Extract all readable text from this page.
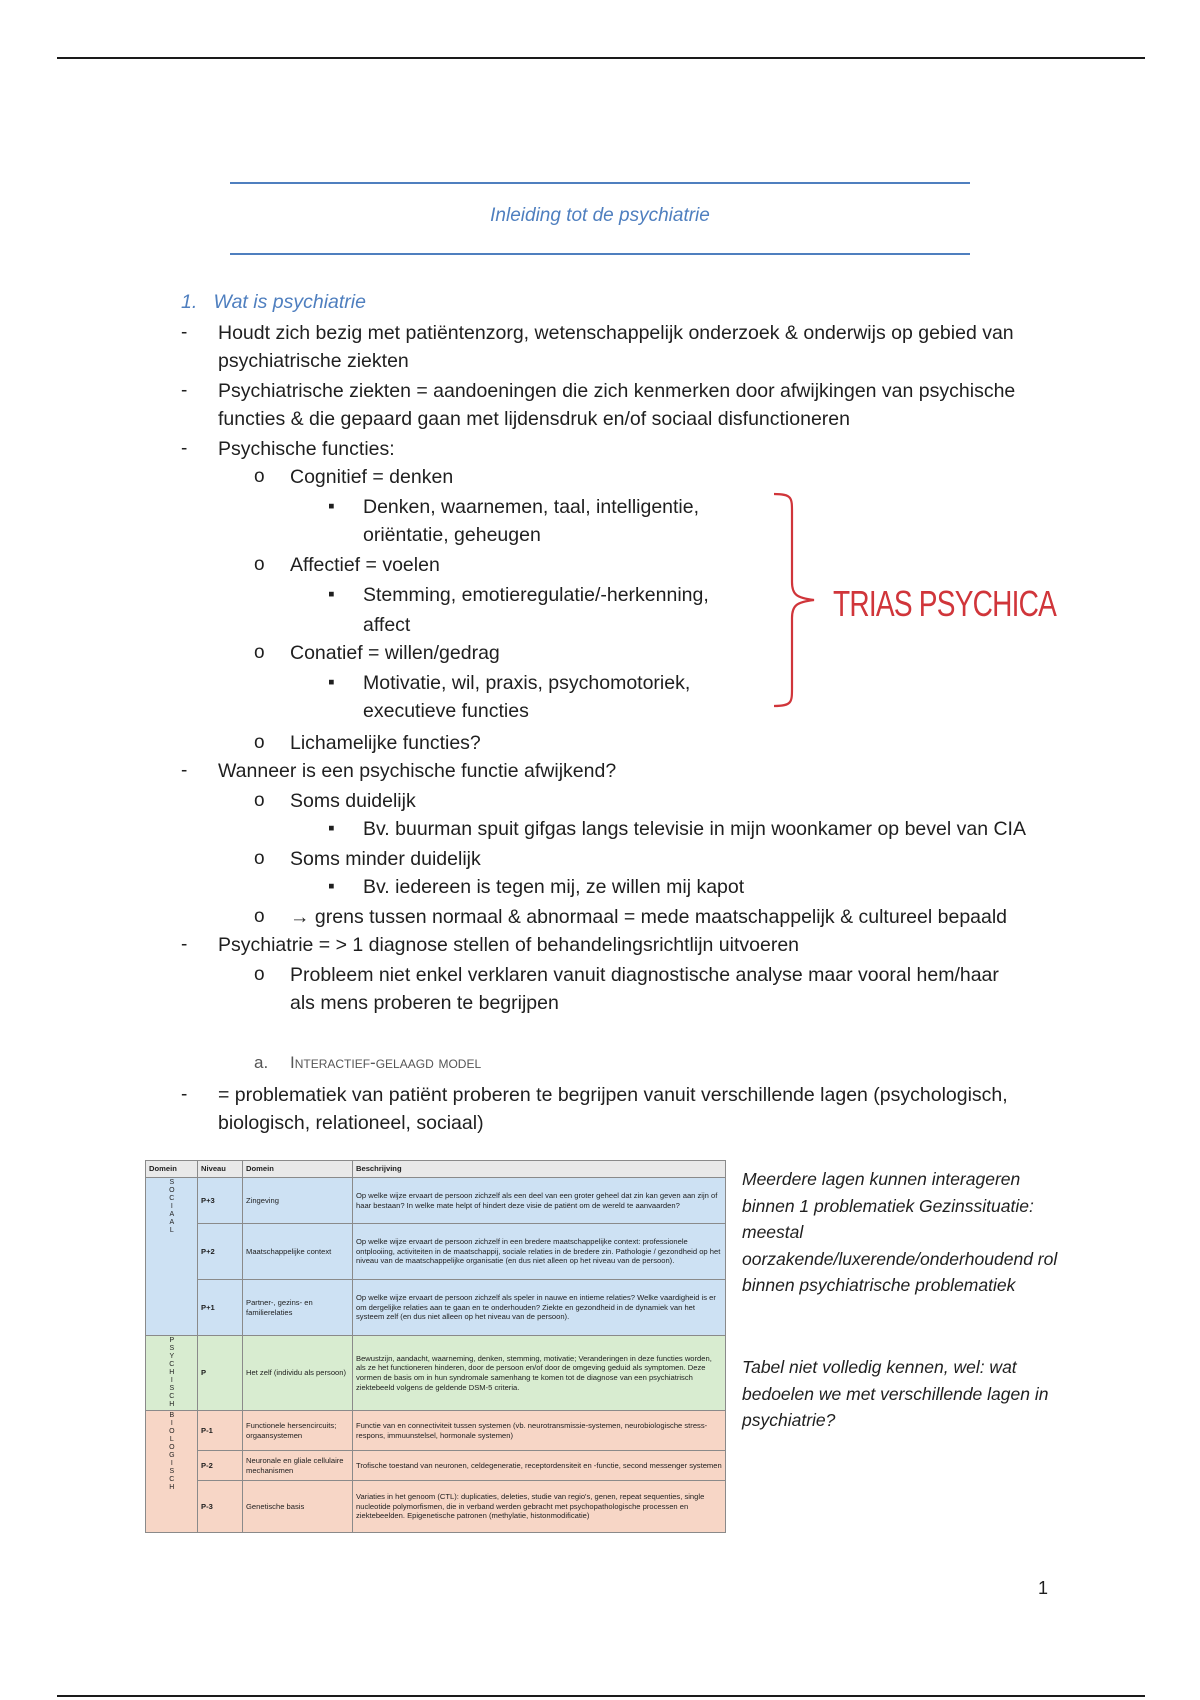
Inleiding tot de psychiatrie
1.   Wat is psychiatrie
- Houdt zich bezig met patiëntenzorg, wetenschappelijk onderzoek & onderwijs op gebied van
psychiatrische ziekten
- Psychiatrische ziekten = aandoeningen die zich kenmerken door afwijkingen van psychische
functies & die gepaard gaan met lijdensdruk en/of sociaal disfunctioneren
- Psychische functies:
o Cognitief = denken
▪ Denken, waarnemen, taal, intelligentie,
oriëntatie, geheugen
o Affectief = voelen
▪ Stemming, emotieregulatie/-herkenning,
affect
o Conatief = willen/gedrag
▪ Motivatie, wil, praxis, psychomotoriek,
executieve functies
o Lichamelijke functies?
- Wanneer is een psychische functie afwijkend?
o Soms duidelijk
▪ Bv. buurman spuit gifgas langs televisie in mijn woonkamer op bevel van CIA
o Soms minder duidelijk
▪ Bv. iedereen is tegen mij, ze willen mij kapot
o → grens tussen normaal & abnormaal = mede maatschappelijk & cultureel bepaald
- Psychiatrie = > 1 diagnose stellen of behandelingsrichtlijn uitvoeren
o Probleem niet enkel verklaren vanuit diagnostische analyse maar vooral hem/haar
als mens proberen te begrijpen
a. Interactief-gelaagd model
- = problematiek van patiënt proberen te begrijpen vanuit verschillende lagen (psychologisch,
biologisch, relationeel, sociaal)
TRIAS PSYCHICA
Domein	Niveau	Domein	Beschrijving
SOCIAAL	P+3	Zingeving	Op welke wijze ervaart de persoon zichzelf als een deel van een groter geheel dat zin kan geven aan zijn of haar bestaan? In welke mate helpt of hindert deze visie de patiënt om de wereld te aanvaarden?
	P+2	Maatschappelijke context	Op welke wijze ervaart de persoon zichzelf in een bredere maatschappelijke context: professionele ontplooiing, activiteiten in de maatschappij, sociale relaties in de bredere zin. Pathologie / gezondheid op het niveau van de maatschappelijke organisatie (en dus niet alleen op het niveau van de persoon).
	P+1	Partner-, gezins- en familierelaties	Op welke wijze ervaart de persoon zichzelf als speler in nauwe en intieme relaties? Welke vaardigheid is er om dergelijke relaties aan te gaan en te onderhouden? Ziekte en gezondheid in de dynamiek van het systeem zelf (en dus niet alleen op het niveau van de persoon).
PSYCHISCH	P	Het zelf (individu als persoon)	Bewustzijn, aandacht, waarneming, denken, stemming, motivatie; Veranderingen in deze functies worden, als ze het functioneren hinderen, door de persoon en/of door de omgeving geduid als symptomen. Deze vormen de basis om in hun syndromale samenhang te komen tot de diagnose van een psychiatrisch ziektebeeld volgens de geldende DSM-5 criteria.
BIOLOGISCH	P-1	Functionele hersencircuits; orgaansystemen	Functie van en connectiviteit tussen systemen (vb. neurotransmissie-systemen, neurobiologische stress-respons, immuunstelsel, hormonale systemen)
	P-2	Neuronale en gliale cellulaire mechanismen	Trofische toestand van neuronen, celdegeneratie, receptordensiteit en -functie, second messenger systemen
	P-3	Genetische basis	Variaties in het genoom (CTL): duplicaties, deleties, studie van regio's, genen, repeat sequenties, single nucleotide polymorfismen, die in verband werden gebracht met psychopathologische processen en ziektebeelden. Epigenetische patronen (methylatie, histonmodificatie)
Meerdere lagen kunnen interageren binnen 1 problematiek Gezinssituatie: meestal oorzakende/luxerende/onderhoudend rol binnen psychiatrische problematiek
Tabel niet volledig kennen, wel: wat bedoelen we met verschillende lagen in psychiatrie?
1
